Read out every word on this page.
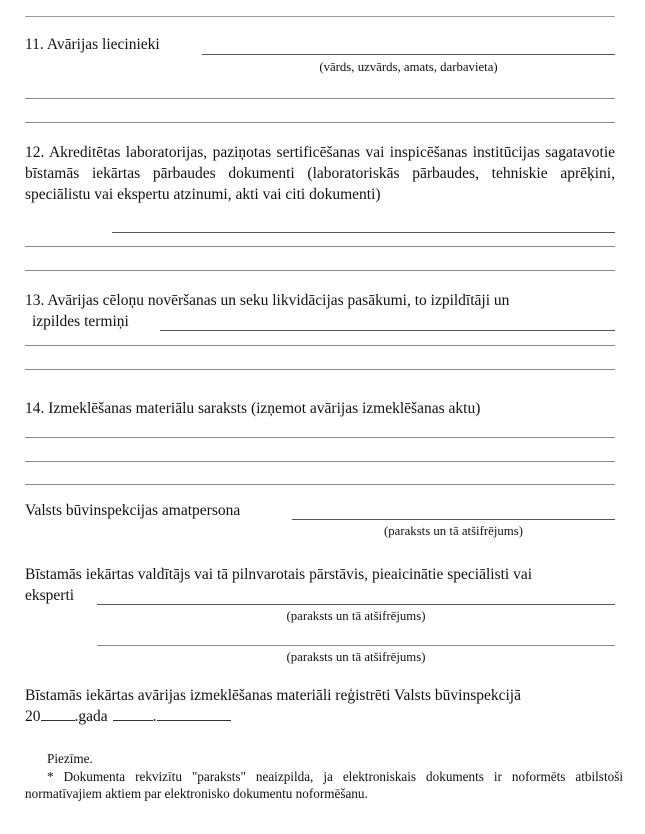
11. Avārijas liecinieki
(vārds, uzvārds, amats, darbavieta)
12. Akreditētas laboratorijas, paziņotas sertificēšanas vai inspicēšanas institūcijas sagatavotie bīstamās iekārtas pārbaudes dokumenti (laboratoriskās pārbaudes, tehniskie aprēķini, speciālistu vai ekspertu atzinumi, akti vai citi dokumenti)
13. Avārijas cēloņu novēršanas un seku likvidācijas pasākumi, to izpildītāji un
izpildes termiņi
14. Izmeklēšanas materiālu saraksts (izņemot avārijas izmeklēšanas aktu)
Valsts būvinspekcijas amatpersona
(paraksts un tā atšifrējums)
Bīstamās iekārtas valdītājs vai tā pilnvarotais pārstāvis, pieaicinātie speciālisti vai
eksperti
(paraksts un tā atšifrējums)
(paraksts un tā atšifrējums)
Bīstamās iekārtas avārijas izmeklēšanas materiāli reģistrēti Valsts būvinspekcijā
20 .gada	.
Piezīme.
* Dokumenta rekvizītu "paraksts" neaizpilda, ja elektroniskais dokuments ir noformēts atbilstoši normatīvajiem aktiem par elektronisko dokumentu noformēšanu.
